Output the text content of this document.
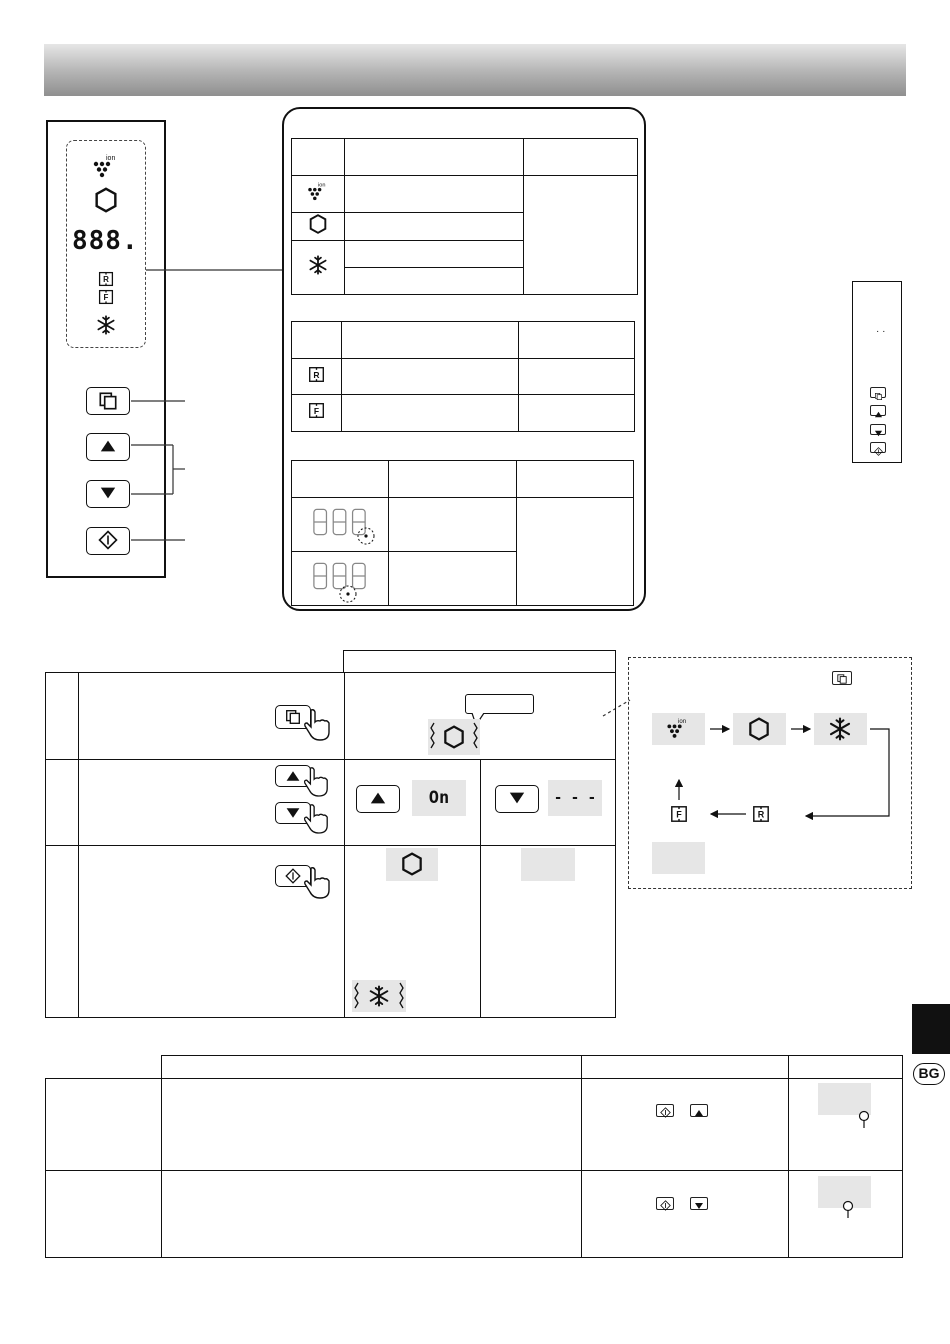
888.

· ·

On	- - -
BG
